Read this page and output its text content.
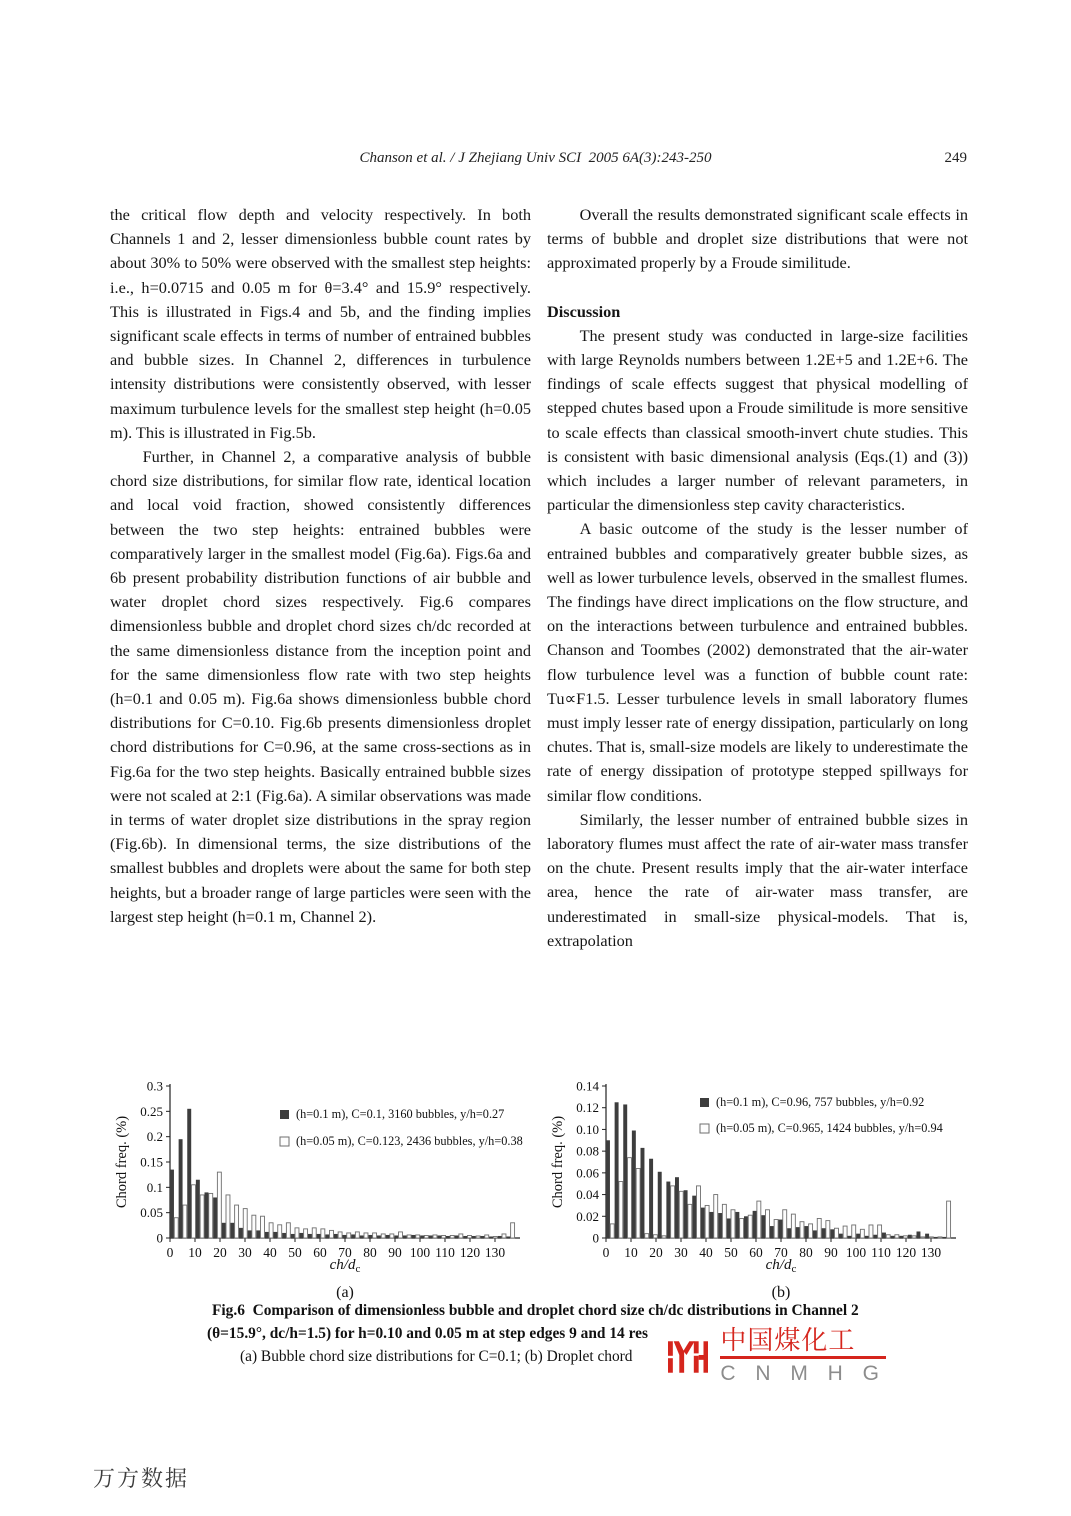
Chanson et al. / J Zhejiang Univ SCI  2005 6A(3):243-250	249
the critical flow depth and velocity respectively. In both Channels 1 and 2, lesser dimensionless bubble count rates by about 30% to 50% were observed with the smallest step heights: i.e., h=0.0715 and 0.05 m for θ=3.4° and 15.9° respectively. This is illustrated in Figs.4 and 5b, and the finding implies significant scale effects in terms of number of entrained bubbles and bubble sizes. In Channel 2, differences in turbulence intensity distributions were consistently observed, with lesser maximum turbulence levels for the smallest step height (h=0.05 m). This is illustrated in Fig.5b.
Further, in Channel 2, a comparative analysis of bubble chord size distributions, for similar flow rate, identical location and local void fraction, showed consistently differences between the two step heights: entrained bubbles were comparatively larger in the smallest model (Fig.6a). Figs.6a and 6b present probability distribution functions of air bubble and water droplet chord sizes respectively. Fig.6 compares dimensionless bubble and droplet chord sizes ch/dc recorded at the same dimensionless distance from the inception point and for the same dimensionless flow rate with two step heights (h=0.1 and 0.05 m). Fig.6a shows dimensionless bubble chord distributions for C=0.10. Fig.6b presents dimensionless droplet chord distributions for C=0.96, at the same cross-sections as in Fig.6a for the two step heights. Basically entrained bubble sizes were not scaled at 2:1 (Fig.6a). A similar observations was made in terms of water droplet size distributions in the spray region (Fig.6b). In dimensional terms, the size distributions of the smallest bubbles and droplets were about the same for both step heights, but a broader range of large particles were seen with the largest step height (h=0.1 m, Channel 2).
Overall the results demonstrated significant scale effects in terms of bubble and droplet size distributions that were not approximated properly by a Froude similitude.
Discussion
The present study was conducted in large-size facilities with large Reynolds numbers between 1.2E+5 and 1.2E+6. The findings of scale effects suggest that physical modelling of stepped chutes based upon a Froude similitude is more sensitive to scale effects than classical smooth-invert chute studies. This is consistent with basic dimensional analysis (Eqs.(1) and (3)) which includes a larger number of relevant parameters, in particular the dimensionless step cavity characteristics.
A basic outcome of the study is the lesser number of entrained bubbles and comparatively greater bubble sizes, as well as lower turbulence levels, observed in the smallest flumes. The findings have direct implications on the flow structure, and on the interactions between turbulence and entrained bubbles. Chanson and Toombes (2002) demonstrated that the air-water flow turbulence level was a function of bubble count rate: Tu∝F1.5. Lesser turbulence levels in small laboratory flumes must imply lesser rate of energy dissipation, particularly on long chutes. That is, small-size models are likely to underestimate the rate of energy dissipation of prototype stepped spillways for similar flow conditions.
Similarly, the lesser number of entrained bubble sizes in laboratory flumes must affect the rate of air-water mass transfer on the chute. Present results imply that the air-water interface area, hence the rate of air-water mass transfer, are underestimated in small-size physical-models. That is, extrapolation
0
0.05
0.1
0.15
0.2
0.25
0.3
0 10 20 30 40 50 60 70 80 90 100 110 120 130
Chord freq. (%)
$ch/d_c$
(a)
(h=0.1 m), C=0.1, 3160 bubbles, y/h=0.27
(h=0.05 m), C=0.123, 2436 bubbles, y/h=0.38
0
0.02
0.04
0.06
0.08
0.10
0.12
0.14
0 10 20 30 40 50 60 70 80 90 100 110 120 130
Chord freq. (%)
$ch/d_c$
(b)
(h=0.1 m), C=0.96, 757 bubbles, y/h=0.92
(h=0.05 m), C=0.965, 1424 bubbles, y/h=0.94
Fig.6  Comparison of dimensionless bubble and droplet chord size ch/dc distributions in Channel 2
(θ=15.9°, dc/h=1.5) for h=0.10 and 0.05 m at step edges 9 and 14 res
(a) Bubble chord size distributions for C=0.1; (b) Droplet chord
中国煤化工
C N M H G
万方数据
